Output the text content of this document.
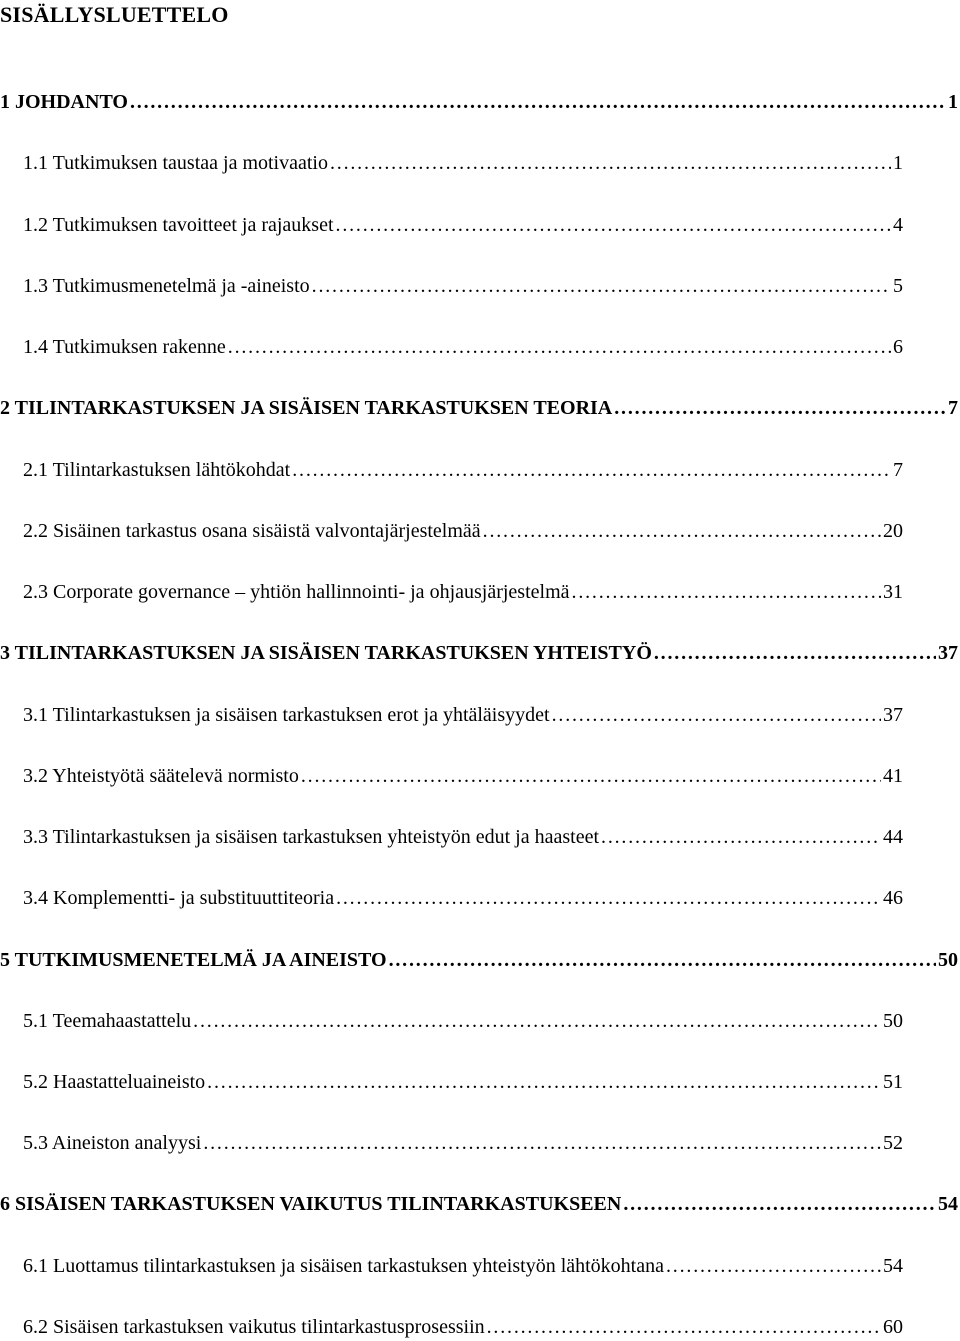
SISÄLLYSLUETTELO
1 JOHDANTO . . .	1
1.1 Tutkimuksen taustaa ja motivaatio . . .	1
1.2 Tutkimuksen tavoitteet ja rajaukset . . .	4
1.3 Tutkimusmenetelmä ja -aineisto . . .	5
1.4 Tutkimuksen rakenne . . .	6
2 TILINTARKASTUKSEN JA SISÄISEN TARKASTUKSEN TEORIA . . .	7
2.1 Tilintarkastuksen lähtökohdat . . .	7
2.2 Sisäinen tarkastus osana sisäistä valvontajärjestelmää . . .	20
2.3 Corporate governance – yhtiön hallinnointi- ja ohjausjärjestelmä . . .	31
3 TILINTARKASTUKSEN JA SISÄISEN TARKASTUKSEN YHTEISTYÖ . . .	37
3.1 Tilintarkastuksen ja sisäisen tarkastuksen erot ja yhtäläisyydet . . .	37
3.2 Yhteistyötä säätelevä normisto . . .	41
3.3 Tilintarkastuksen ja sisäisen tarkastuksen yhteistyön edut ja haasteet . . .	44
3.4 Komplementti- ja substituuttiteoria . . .	46
5 TUTKIMUSMENETELMÄ JA AINEISTO . . .	50
5.1 Teemahaastattelu . . .	50
5.2 Haastatteluaineisto . . .	51
5.3 Aineiston analyysi . . .	52
6 SISÄISEN TARKASTUKSEN VAIKUTUS TILINTARKASTUKSEEN . . .	54
6.1 Luottamus tilintarkastuksen ja sisäisen tarkastuksen yhteistyön lähtökohtana . . .	54
6.2 Sisäisen tarkastuksen vaikutus tilintarkastusprosessiin . . .	60
